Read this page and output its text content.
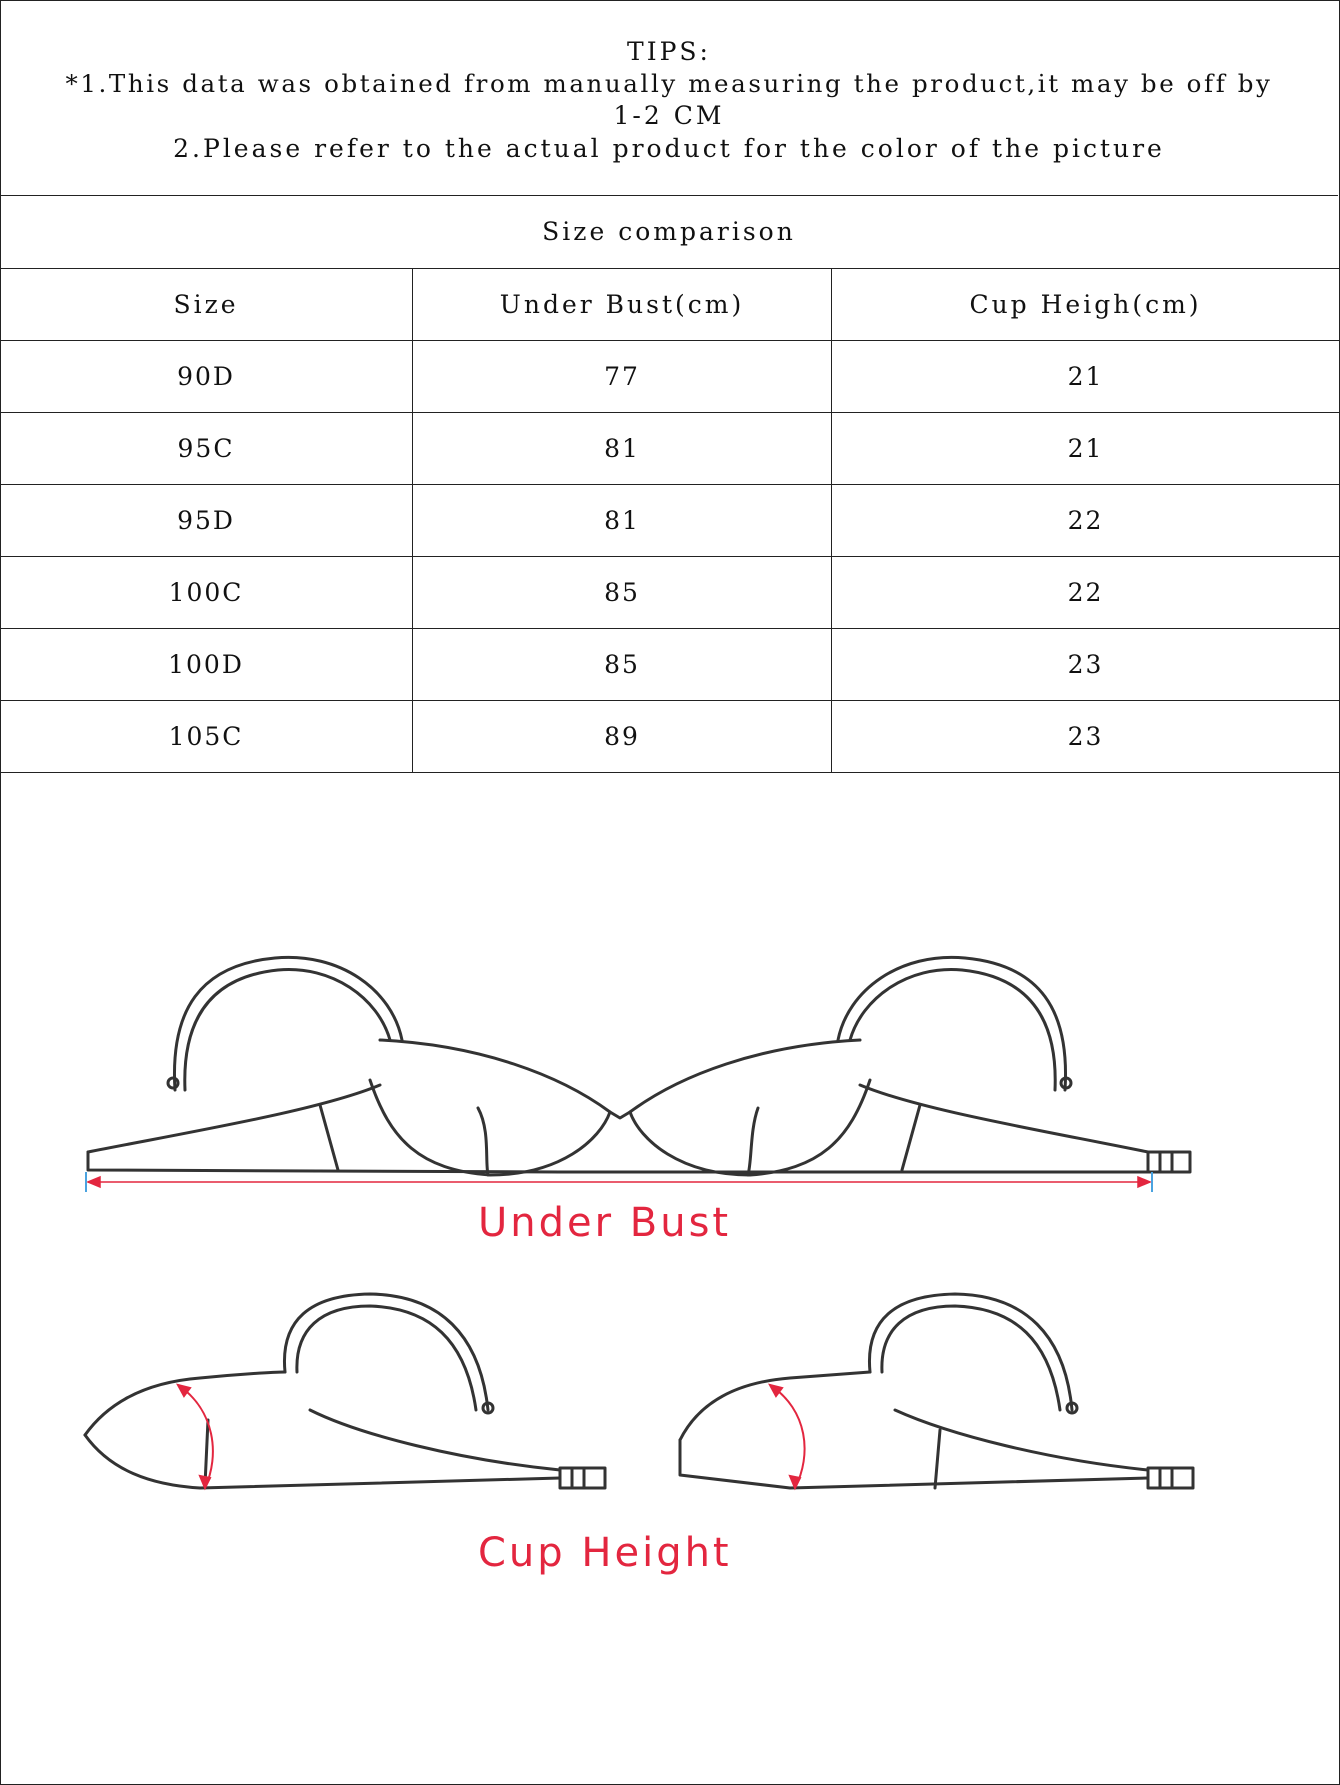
TIPS:
*1.This data was obtained from manually measuring the product,it may be off by
1-2 CM
2.Please refer to the actual product for the color of the picture
Size comparison
Size	Under Bust(cm)	Cup Heigh(cm)
90D	77	21
95C	81	21
95D	81	22
100C	85	22
100D	85	23
105C	89	23
Under Bust
Cup Height
